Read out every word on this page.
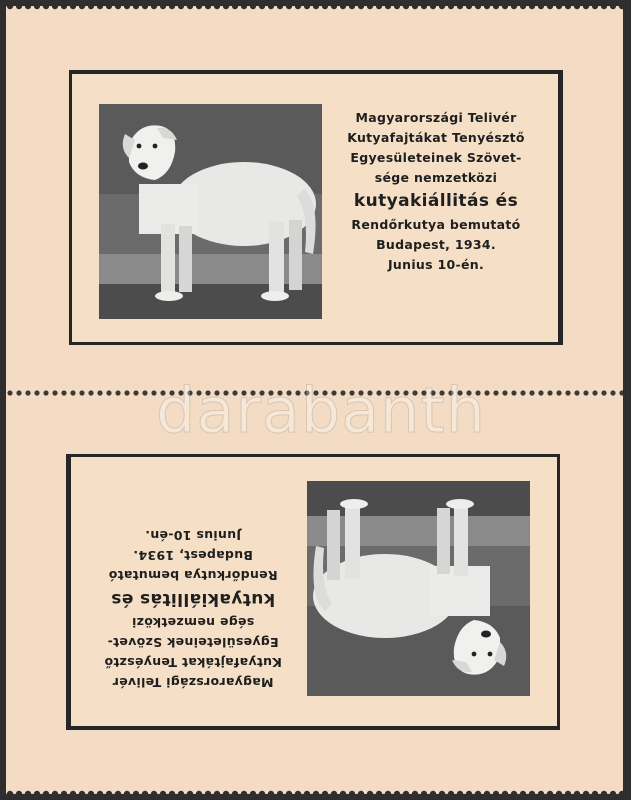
Magyarországi Telivér
Kutyafajtákat Tenyésztő
Egyesületeinek Szövet-
sége nemzetközi
kutyakiállitás és
Rendőrkutya bemutató
Budapest, 1934.
Junius 10-én.
Magyarországi Telivér
Kutyafajtákat Tenyésztő
Egyesületeinek Szövet-
sége nemzetközi
kutyakiállitás és
Rendőrkutya bemutató
Budapest, 1934.
Junius 10-én.
darabanth
